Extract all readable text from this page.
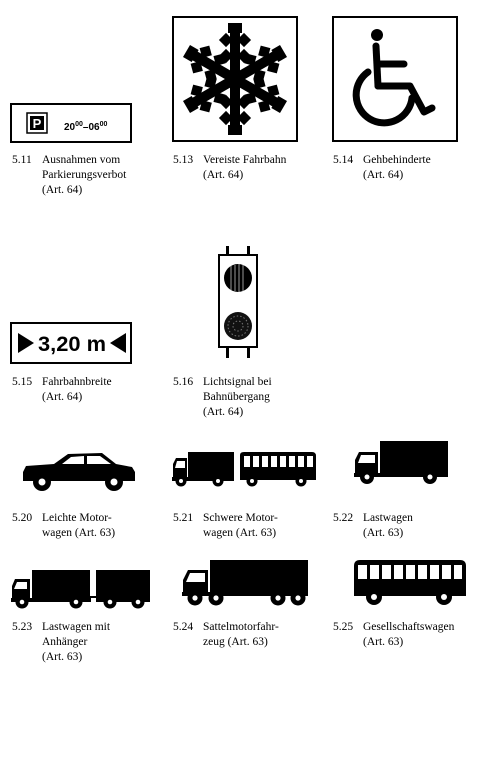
P $20^{00}-06^{00}$
3,20 m
5.11 Ausnahmen vom
Parkierungsverbot
(Art. 64)
5.13 Vereiste Fahrbahn
(Art. 64)
5.14 Gehbehinderte
(Art. 64)
5.15 Fahrbahnbreite
(Art. 64)
5.16 Lichtsignal bei
Bahnübergang
(Art. 64)
5.20 Leichte Motor-
wagen (Art. 63)
5.21 Schwere Motor-
wagen (Art. 63)
5.22 Lastwagen
(Art. 63)
5.23 Lastwagen mit
Anhänger
(Art. 63)
5.24 Sattelmotorfahr-
zeug (Art. 63)
5.25 Gesellschaftswagen
(Art. 63)
